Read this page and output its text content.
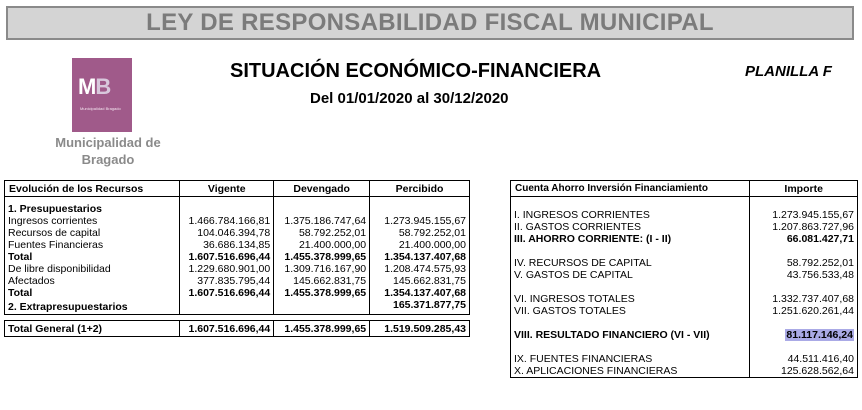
LEY DE RESPONSABILIDAD FISCAL MUNICIPAL
MB
Municipalidad Bragado
Municipalidad de
Bragado
SITUACIÓN ECONÓMICO-FINANCIERA
Del 01/01/2020 al 30/12/2020
PLANILLA F
Evolución de los Recursos	Vigente	Devengado	Percibido
1. Presupuestarios			
Ingresos corrientes	1.466.784.166,81	1.375.186.747,64	1.273.945.155,67
Recursos de capital	104.046.394,78	58.792.252,01	58.792.252,01
Fuentes Financieras	36.686.134,85	21.400.000,00	21.400.000,00
Total	1.607.516.696,44	1.455.378.999,65	1.354.137.407,68
De libre disponibilidad	1.229.680.901,00	1.309.716.167,90	1.208.474.575,93
Afectados	377.835.795,44	145.662.831,75	145.662.831,75
Total	1.607.516.696,44	1.455.378.999,65	1.354.137.407,68
2. Extrapresupuestarios			165.371.877,75

Total General (1+2)	1.607.516.696,44	1.455.378.999,65	1.519.509.285,43
Cuenta Ahorro Inversión Financiamiento	Importe

I. INGRESOS CORRIENTES	1.273.945.155,67
II. GASTOS CORRIENTES	1.207.863.727,96
III. AHORRO CORRIENTE: (I - II)	66.081.427,71

IV. RECURSOS DE CAPITAL	58.792.252,01
V. GASTOS DE CAPITAL	43.756.533,48

VI. INGRESOS TOTALES	1.332.737.407,68
VII. GASTOS TOTALES	1.251.620.261,44

VIII. RESULTADO FINANCIERO (VI - VII)	81.117.146,24

IX. FUENTES FINANCIERAS	44.511.416,40
X. APLICACIONES FINANCIERAS	125.628.562,64
